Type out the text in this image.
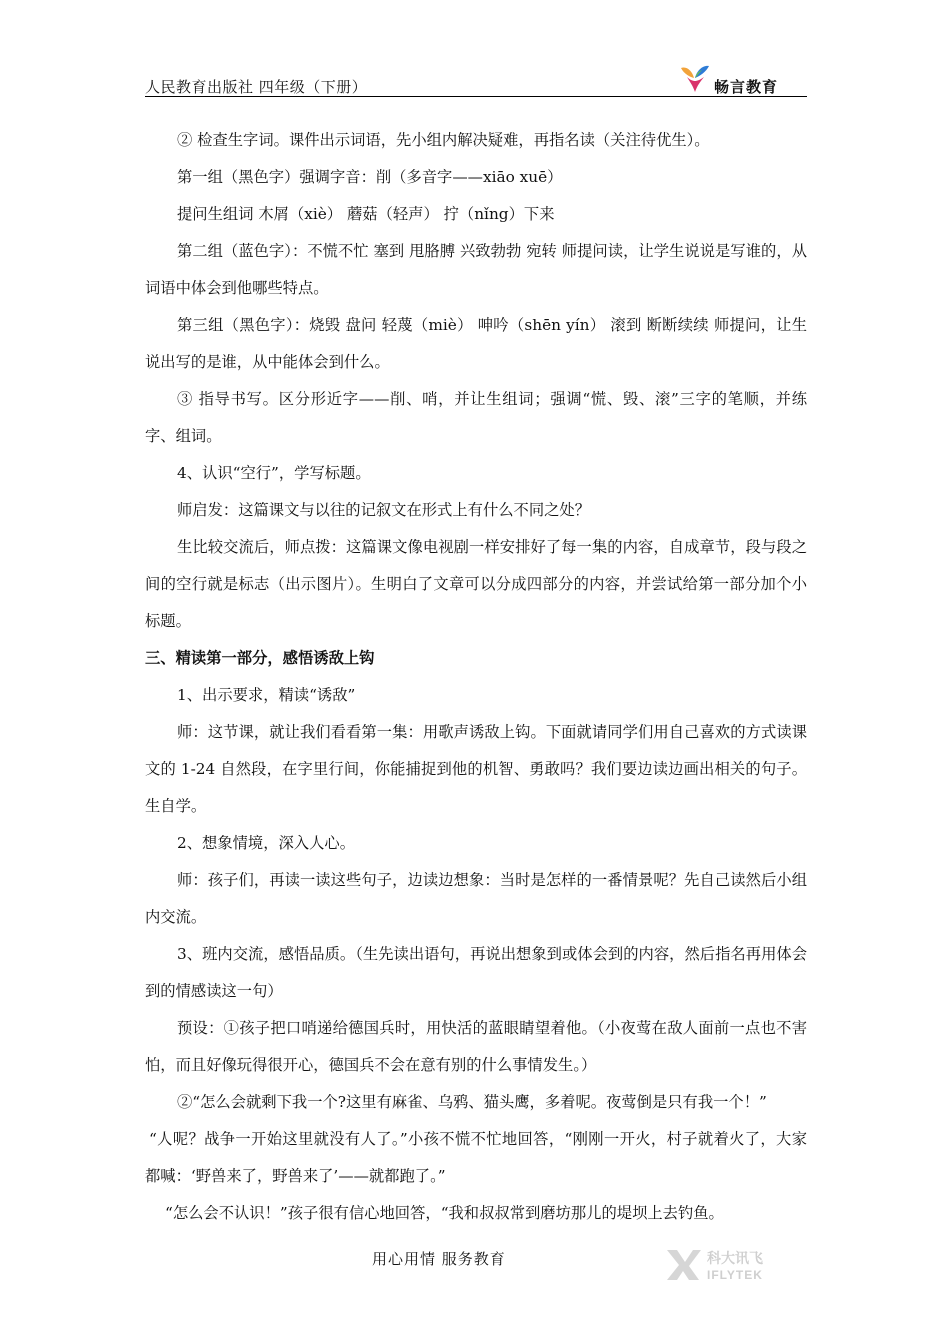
人民教育出版社 四年级（下册）	畅言教育

② 检查生字词。课件出示词语，先小组内解决疑难，再指名读（关注待优生）。

第一组（黑色字）强调字音：削（多音字——xiāo xuē）

提问生组词 木屑（xiè） 蘑菇（轻声） 拧（nǐng）下来

第二组（蓝色字）：不慌不忙 塞到 甩胳膊 兴致勃勃 宛转 师提问读，让学生说说是写谁的，从词语中体会到他哪些特点。

第三组（黑色字）：烧毁 盘问 轻蔑（miè） 呻吟（shēn yín） 滚到 断断续续 师提问，让生说出写的是谁，从中能体会到什么。

③ 指导书写。区分形近字——削、哨，并让生组词；强调“慌、毁、滚”三字的笔顺，并练字、组词。

4、认识“空行”，学写标题。

师启发：这篇课文与以往的记叙文在形式上有什么不同之处？

生比较交流后，师点拨：这篇课文像电视剧一样安排好了每一集的内容，自成章节，段与段之间的空行就是标志（出示图片）。生明白了文章可以分成四部分的内容，并尝试给第一部分加个小标题。

三、精读第一部分，感悟诱敌上钩

1、出示要求，精读“诱敌”

师：这节课，就让我们看看第一集：用歌声诱敌上钩。下面就请同学们用自己喜欢的方式读课文的 1-24 自然段，在字里行间，你能捕捉到他的机智、勇敢吗？我们要边读边画出相关的句子。生自学。

2、想象情境，深入人心。

师：孩子们，再读一读这些句子，边读边想象：当时是怎样的一番情景呢？先自己读然后小组内交流。

3、班内交流，感悟品质。（生先读出语句，再说出想象到或体会到的内容，然后指名再用体会到的情感读这一句）

预设：①孩子把口哨递给德国兵时，用快活的蓝眼睛望着他。（小夜莺在敌人面前一点也不害怕，而且好像玩得很开心，德国兵不会在意有别的什么事情发生。）

②“怎么会就剩下我一个?这里有麻雀、乌鸦、猫头鹰，多着呢。夜莺倒是只有我一个！”

“人呢？战争一开始这里就没有人了。”小孩不慌不忙地回答，“刚刚一开火，村子就着火了，大家都喊：‘野兽来了，野兽来了’——就都跑了。”

“怎么会不认识！”孩子很有信心地回答，“我和叔叔常到磨坊那儿的堤坝上去钓鱼。

用心用情 服务教育	科大讯飞
IFLYTEK
